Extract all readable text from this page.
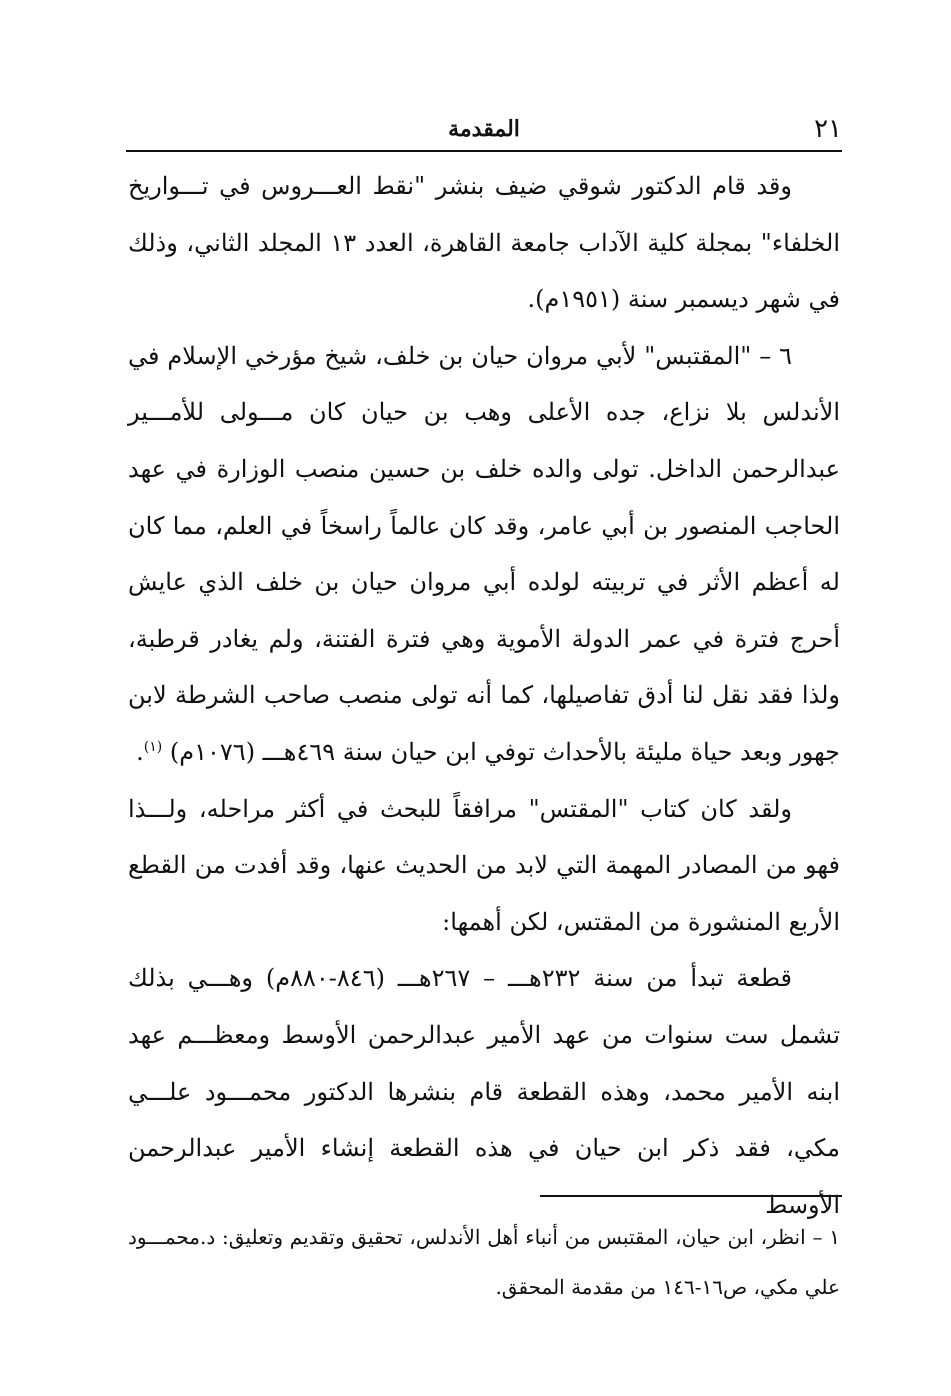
٢١
المقدمة

وقد قام الدكتور شوقي ضيف بنشر "نقط العـــروس في تـــواريخ الخلفاء" بمجلة كلية الآداب جامعة القاهرة، العدد ١٣ المجلد الثاني، وذلك في شهر ديسمبر سنة (١٩٥١م).

٦ – "المقتبس" لأبي مروان حيان بن خلف، شيخ مؤرخي الإسلام في الأندلس بلا نزاع، جده الأعلى وهب بن حيان كان مـــولى للأمـــير عبدالرحمن الداخل. تولى والده خلف بن حسين منصب الوزارة في عهد الحاجب المنصور بن أبي عامر، وقد كان عالماً راسخاً في العلم، مما كان له أعظم الأثر في تربيته لولده أبي مروان حيان بن خلف الذي عايش أحرج فترة في عمر الدولة الأموية وهي فترة الفتنة، ولم يغادر قرطبة، ولذا فقد نقل لنا أدق تفاصيلها، كما أنه تولى منصب صاحب الشرطة لابن جهور وبعد حياة مليئة بالأحداث توفي ابن حيان سنة ٤٦٩هـــ (١٠٧٦م) $^{(١)}$.

ولقد كان كتاب "المقتس" مرافقاً للبحث في أكثر مراحله، ولـــذا فهو من المصادر المهمة التي لابد من الحديث عنها، وقد أفدت من القطع الأربع المنشورة من المقتس، لكن أهمها:

قطعة تبدأ من سنة ٢٣٢هـــ – ٢٦٧هـــ (٨٤٦-٨٨٠م) وهـــي بذلك تشمل ست سنوات من عهد الأمير عبدالرحمن الأوسط ومعظـــم عهد ابنه الأمير محمد، وهذه القطعة قام بنشرها الدكتور محمـــود علـــي مكي، فقد ذكر ابن حيان في هذه القطعة إنشاء الأمير عبدالرحمن الأوسط

١ – انظر، ابن حيان، المقتبس من أنباء أهل الأندلس، تحقيق وتقديم وتعليق: د.محمـــود علي مكي، ص١٦-١٤٦ من مقدمة المحقق.
